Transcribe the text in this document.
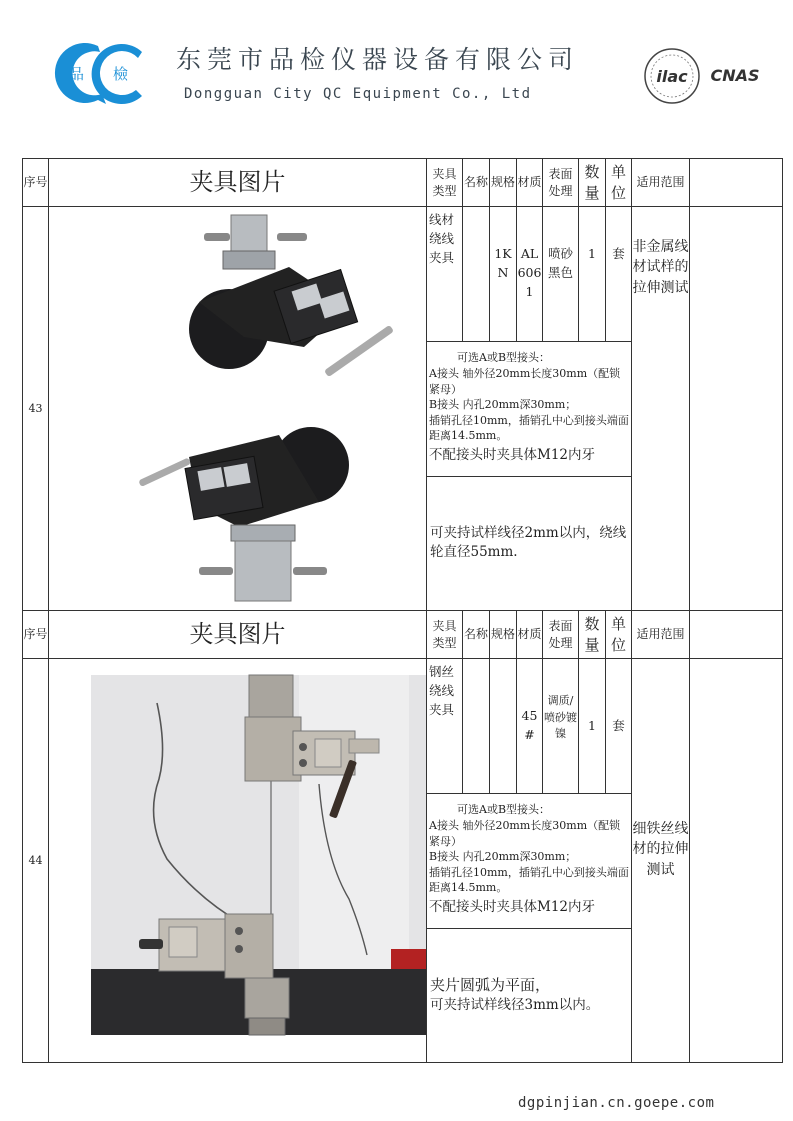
品 檢 东莞市品检仪器设备有限公司
Dongguan City QC Equipment Co., Ltd
ilac CNAS
序号	夹具图片	夹具类型	名称	规格	材质	表面处理	数量	单位	适用范围	
43		线材绕线夹具		1KN	AL6061	喷砂黑色	1	套	非金属线材试样的拉伸测试	

		可选A或B型接头：
A接头 轴外径20mm长度30mm（配锁紧母）
B接头 内孔20mm深30mm；
插销孔径10mm，插销孔中心到接头端面距离14.5mm。
不配接头时夹具体M12内牙								

		可夹持试样线径2mm以内，绕线轮直径55mm.								
序号	夹具图片	夹具类型	名称	规格	材质	表面处理	数量	单位	适用范围	
44		钢丝绕线夹具			45#	调质/喷砂镀镍	1	套	细铁丝线材的拉伸测试	

		可选A或B型接头：
A接头 轴外径20mm长度30mm（配锁紧母）
B接头 内孔20mm深30mm；
插销孔径10mm，插销孔中心到接头端面距离14.5mm。
不配接头时夹具体M12内牙								

		夹片圆弧为平面，
可夹持试样线径3mm以内。								
dgpinjian.cn.goepe.com
